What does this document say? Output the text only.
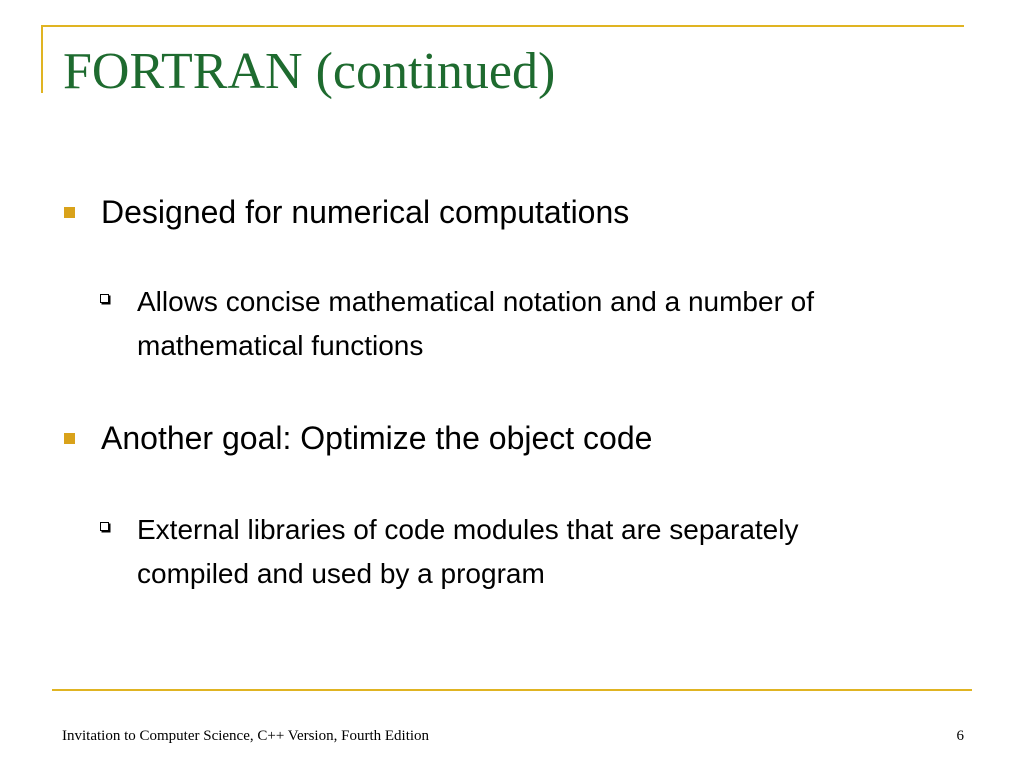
FORTRAN (continued)
Designed for numerical computations
Allows concise mathematical notation and a number of mathematical functions
Another goal: Optimize the object code
External libraries of code modules that are separately compiled and used by a program
Invitation to Computer Science, C++ Version, Fourth Edition	6
